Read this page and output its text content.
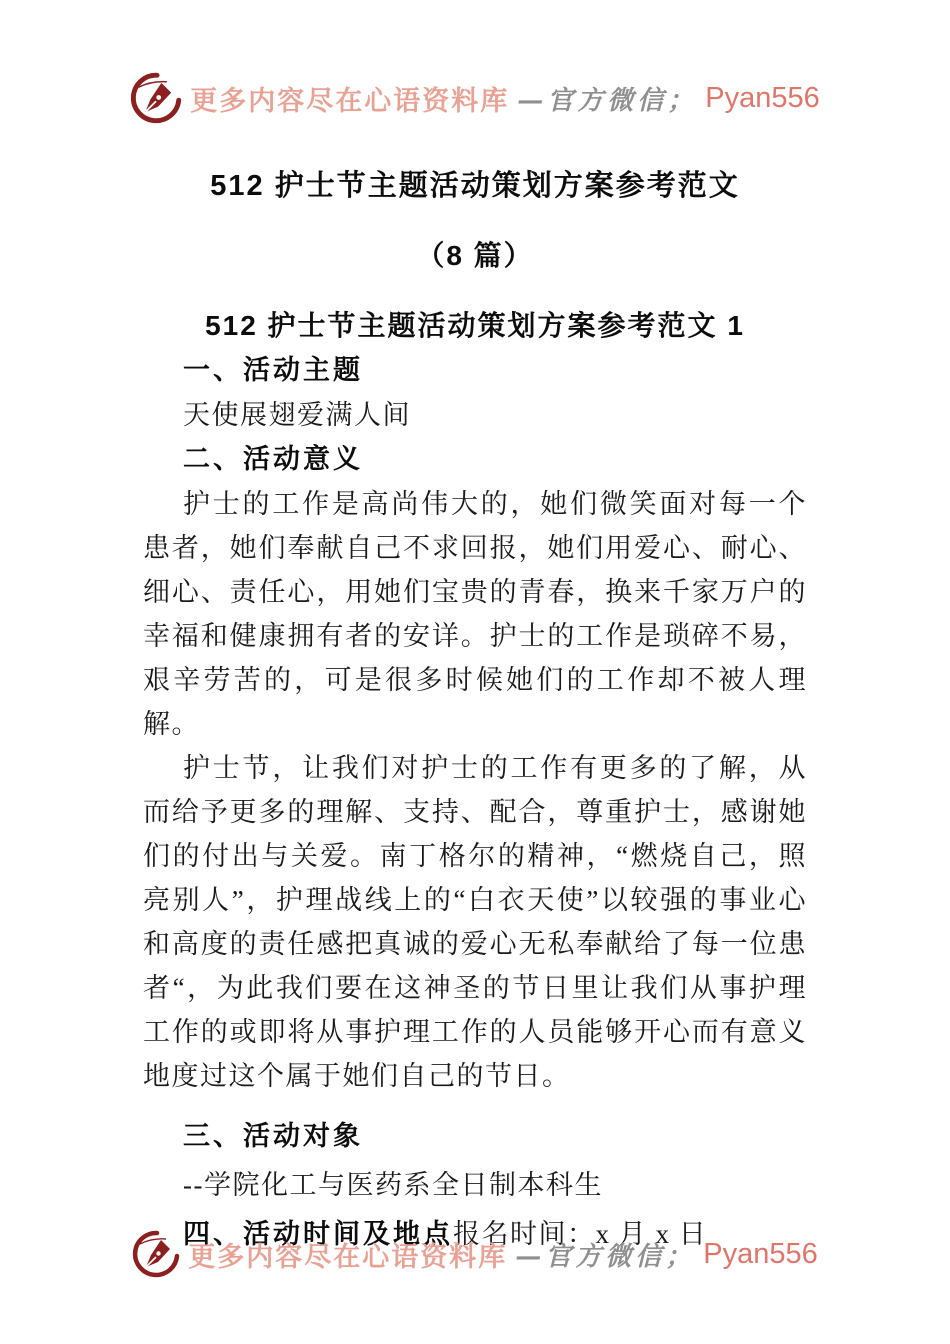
更多内容尽在心语资料库 —官方微信； Pyan556
512 护士节主题活动策划方案参考范文
（8 篇）
512 护士节主题活动策划方案参考范文 1
一、活动主题

天使展翅爱满人间

二、活动意义

护士的工作是高尚伟大的，她们微笑面对每一个患者，她们奉献自己不求回报，她们用爱心、耐心、细心、责任心，用她们宝贵的青春，换来千家万户的幸福和健康拥有者的安详。护士的工作是琐碎不易，艰辛劳苦的，可是很多时候她们的工作却不被人理解。

护士节，让我们对护士的工作有更多的了解，从而给予更多的理解、支持、配合，尊重护士，感谢她们的付出与关爱。南丁格尔的精神，“燃烧自己，照亮别人”，护理战线上的“白衣天使”以较强的事业心和高度的责任感把真诚的爱心无私奉献给了每一位患者“，为此我们要在这神圣的节日里让我们从事护理工作的或即将从事护理工作的人员能够开心而有意义地度过这个属于她们自己的节日。

三、活动对象

--学院化工与医药系全日制本科生

四、活动时间及地点报名时间：x 月 x 日

更多内容尽在心语资料库 —官方微信； Pyan556
